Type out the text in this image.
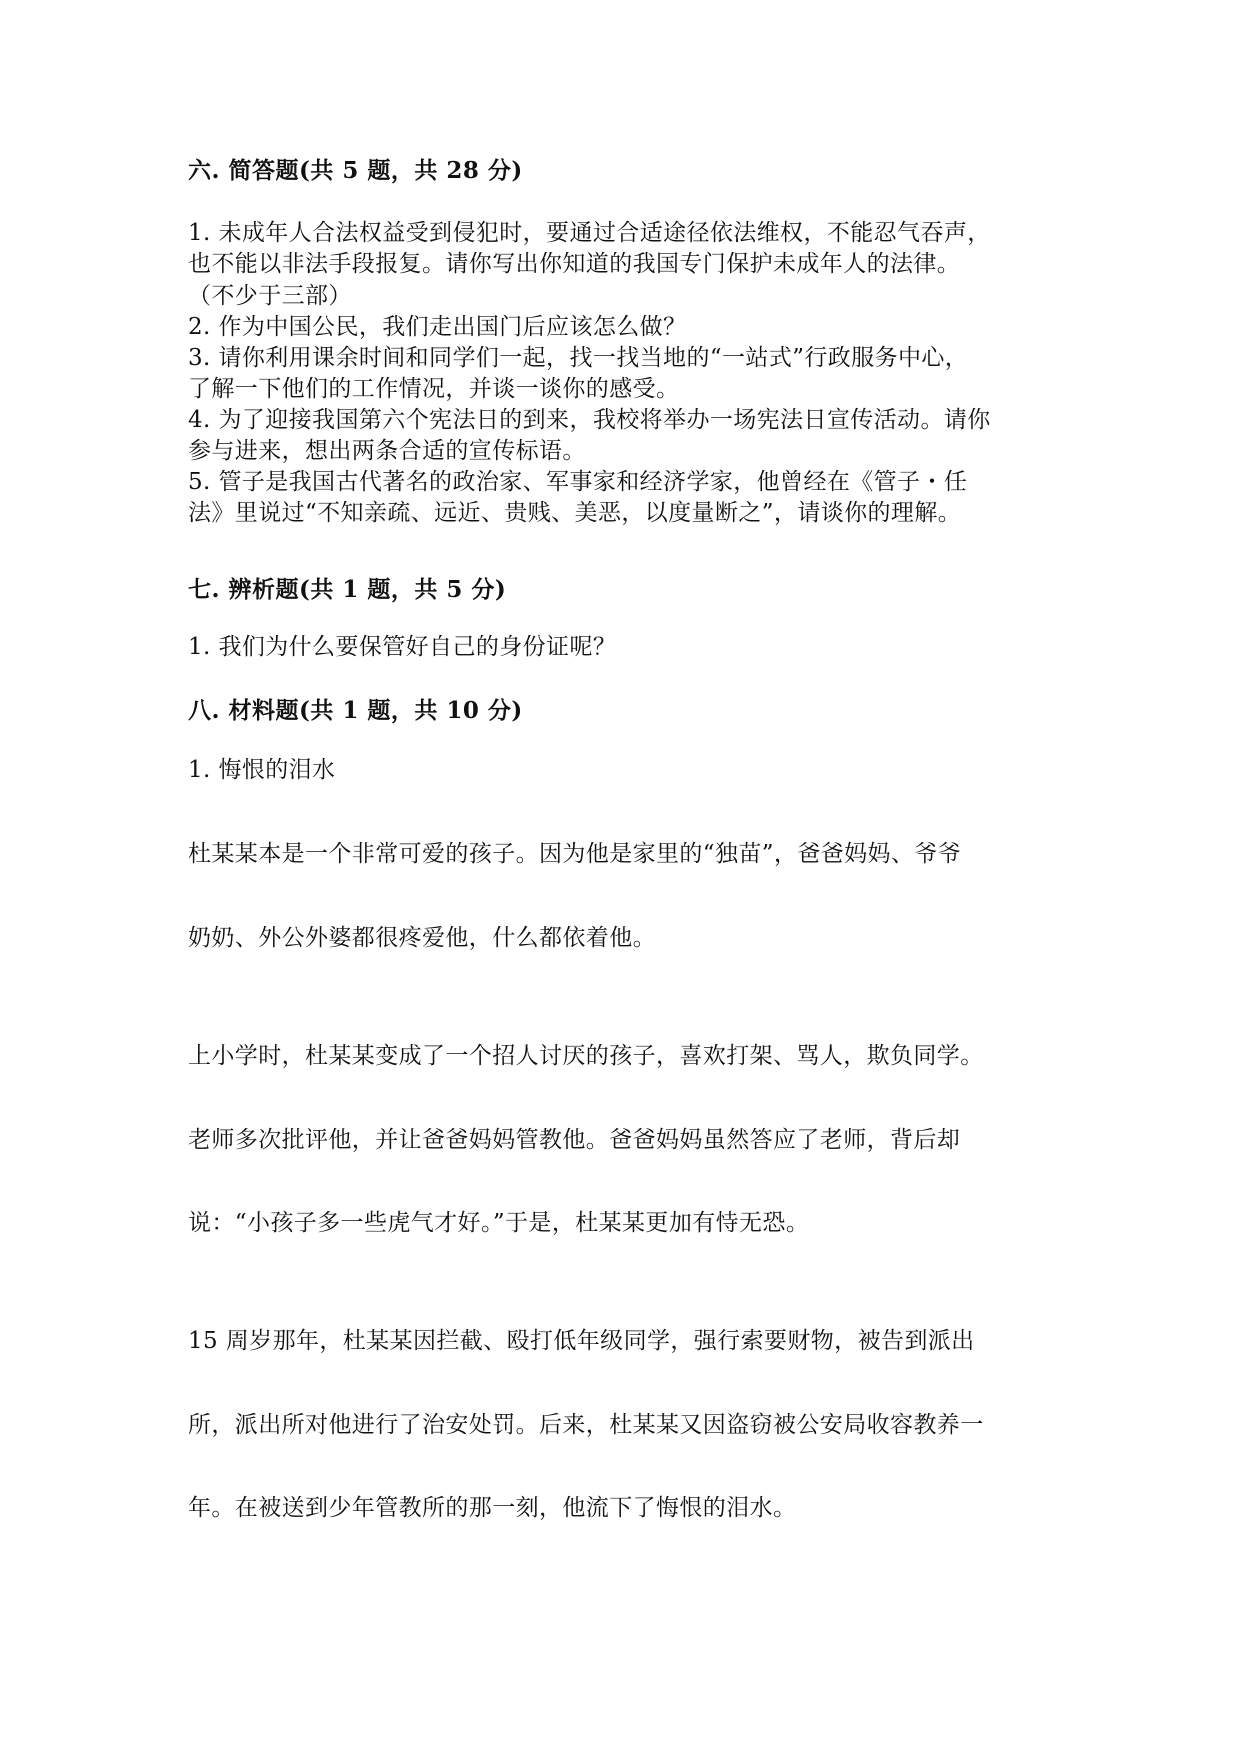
六. 简答题(共 5 题，共 28 分)
1. 未成年人合法权益受到侵犯时，要通过合适途径依法维权，不能忍气吞声，
也不能以非法手段报复。请你写出你知道的我国专门保护未成年人的法律。
（不少于三部）
2. 作为中国公民，我们走出国门后应该怎么做？
3. 请你利用课余时间和同学们一起，找一找当地的“一站式”行政服务中心，
了解一下他们的工作情况，并谈一谈你的感受。
4. 为了迎接我国第六个宪法日的到来，我校将举办一场宪法日宣传活动。请你
参与进来，想出两条合适的宣传标语。
5. 管子是我国古代著名的政治家、军事家和经济学家，他曾经在《管子・任
法》里说过“不知亲疏、远近、贵贱、美恶，以度量断之”，请谈你的理解。
七. 辨析题(共 1 题，共 5 分)
1. 我们为什么要保管好自己的身份证呢？
八. 材料题(共 1 题，共 10 分)
1. 悔恨的泪水
杜某某本是一个非常可爱的孩子。因为他是家里的“独苗”，爸爸妈妈、爷爷
奶奶、外公外婆都很疼爱他，什么都依着他。
上小学时，杜某某变成了一个招人讨厌的孩子，喜欢打架、骂人，欺负同学。
老师多次批评他，并让爸爸妈妈管教他。爸爸妈妈虽然答应了老师，背后却
说：“小孩子多一些虎气才好。”于是，杜某某更加有恃无恐。
15 周岁那年，杜某某因拦截、殴打低年级同学，强行索要财物，被告到派出
所，派出所对他进行了治安处罚。后来，杜某某又因盗窃被公安局收容教养一
年。在被送到少年管教所的那一刻，他流下了悔恨的泪水。
